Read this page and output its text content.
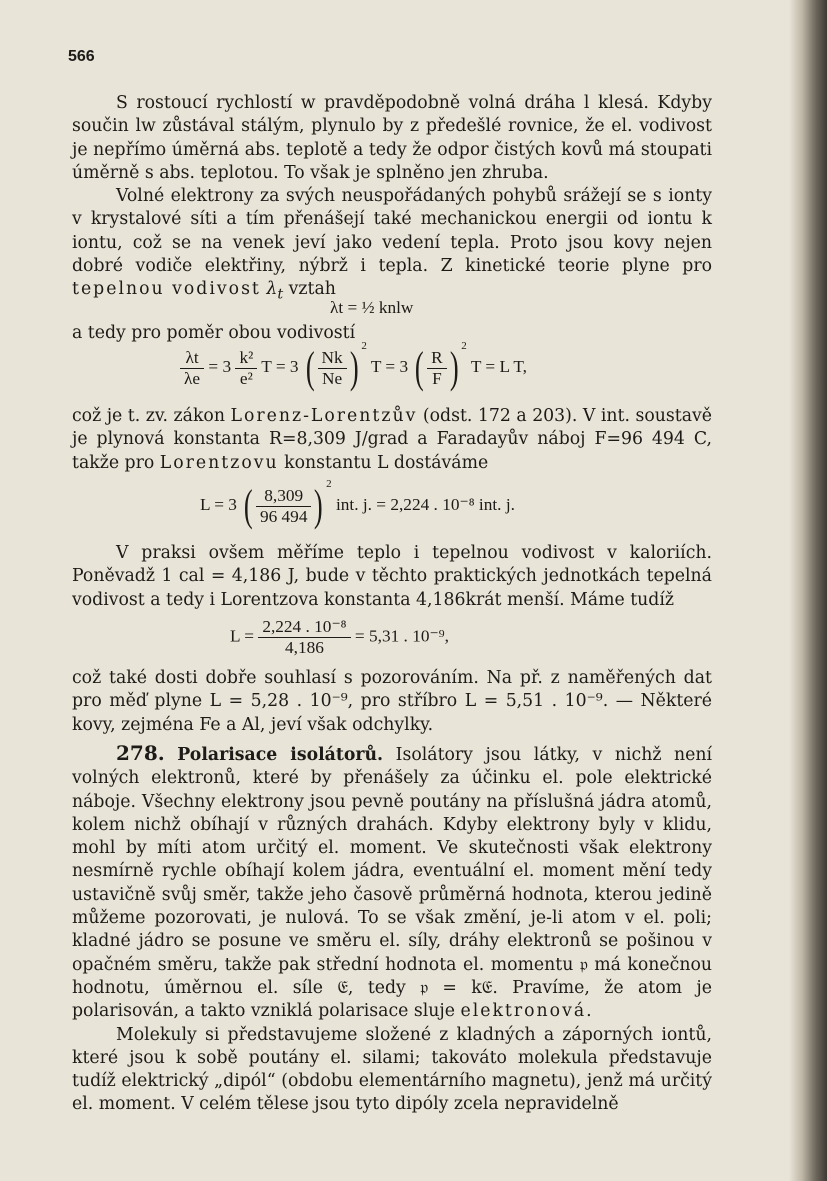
566

S rostoucí rychlostí w pravděpodobně volná dráha l klesá. Kdyby součin lw zůstával stálým, plynulo by z předešlé rovnice, že el. vodivost je nepřímo úměrná abs. teplotě a tedy že odpor čistých kovů má stoupati úměrně s abs. teplotou. To však je splněno jen zhruba.

Volné elektrony za svých neuspořádaných pohybů srážejí se s ionty v krystalové síti a tím přenášejí také mechanickou energii od iontu k iontu, což se na venek jeví jako vedení tepla. Proto jsou kovy nejen dobré vodiče elektřiny, nýbrž i tepla. Z kinetické teorie plyne pro tepelnou vodivost $\lambda_t$ vztah

λt = ½ knlw

a tedy pro poměr obou vodivostí

$\frac{\lambda t}{\lambda e} = 3 \frac{\text{k²}}{\text{e²}}$ T = 3 ( $\frac{Nk}{Ne}$ ) $^2$ T = 3 ( $\frac{R}{F}$ ) $^2$ T = L T,

což je t. zv. zákon Lorenz-Lorentzův (odst. 172 a 203). V int. soustavě je plynová konstanta R=8,309 J/grad a Faradayův náboj F=96 494 C, takže pro Lorentzovu konstantu L dostáváme

L = 3 ( $\frac{8,309}{96 494}$ ) $^2$ int. j. = 2,224 . 10⁻⁸ int. j.

V praksi ovšem měříme teplo i tepelnou vodivost v kaloriích. Poněvadž 1 cal = 4,186 J, bude v těchto praktických jednotkách tepelná vodivost a tedy i Lorentzova konstanta 4,186krát menší. Máme tudíž

$L = \frac{\text{2,224 . 10⁻⁸}}{4,186} = 5,31$ . 10⁻⁹,

což také dosti dobře souhlasí s pozorováním. Na př. z naměřených dat pro měď plyne L = 5,28 . 10⁻⁹, pro stříbro L = 5,51 . 10⁻⁹. — Některé kovy, zejména Fe a Al, jeví však odchylky.

278. Polarisace isolátorů. Isolátory jsou látky, v nichž není volných elektronů, které by přenášely za účinku el. pole elektrické náboje. Všechny elektrony jsou pevně poutány na příslušná jádra atomů, kolem nichž obíhají v různých drahách. Kdyby elektrony byly v klidu, mohl by míti atom určitý el. moment. Ve skutečnosti však elektrony nesmírně rychle obíhají kolem jádra, eventuální el. moment mění tedy ustavičně svůj směr, takže jeho časově průměrná hodnota, kterou jedině můžeme pozorovati, je nulová. To se však změní, je-li atom v el. poli; kladné jádro se posune ve směru el. síly, dráhy elektronů se pošinou v opačném směru, takže pak střední hodnota el. momentu 𝔭 má konečnou hodnotu, úměrnou el. síle 𝔈, tedy 𝔭 = k𝔈. Pravíme, že atom je polarisován, a takto vzniklá polarisace sluje elektronová.

Molekuly si představujeme složené z kladných a záporných iontů, které jsou k sobě poutány el. silami; takováto molekula představuje tudíž elektrický „dipól“ (obdobu elementárního magnetu), jenž má určitý el. moment. V celém tělese jsou tyto dipóly zcela nepravidelně
